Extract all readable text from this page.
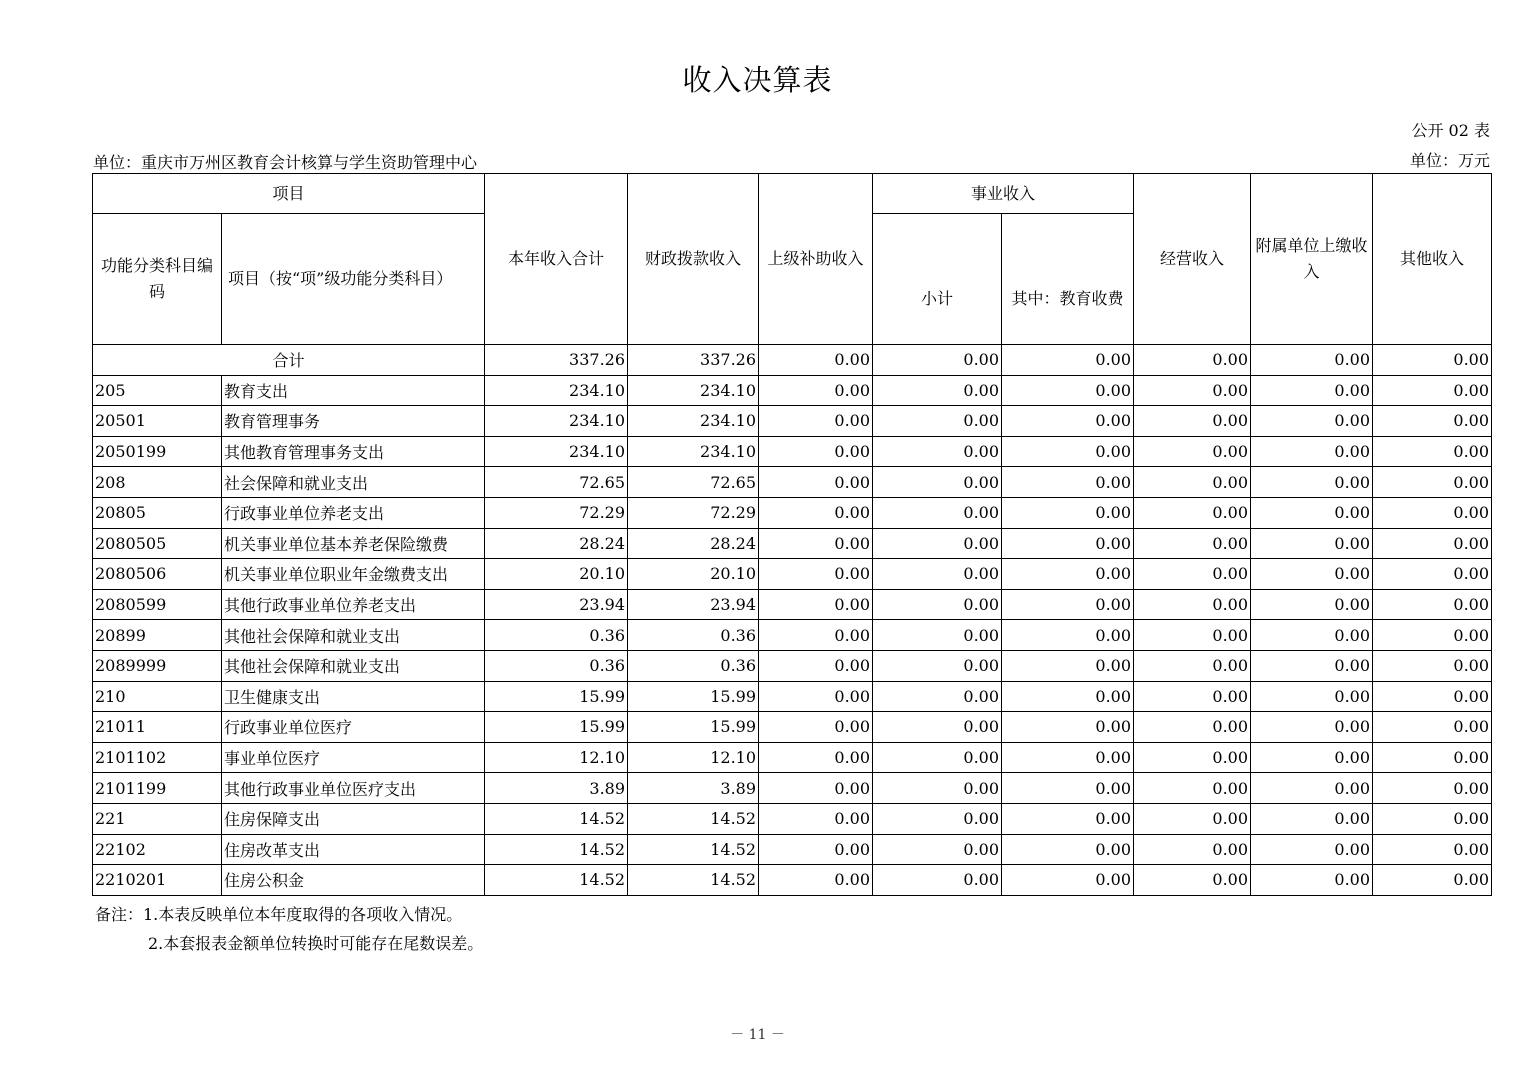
收入决算表
公开 02 表
单位：重庆市万州区教育会计核算与学生资助管理中心	单位：万元
项目		本年收入合计	财政拨款收入	上级补助收入	事业收入		经营收入	附属单位上缴收入	其他收入
功能分类科目编码	项目（按“项”级功能分类科目）				小计	其中：教育收费			
合计		337.26	337.26	0.00	0.00	0.00	0.00	0.00	0.00
205	教育支出	234.10	234.10	0.00	0.00	0.00	0.00	0.00	0.00
20501	教育管理事务	234.10	234.10	0.00	0.00	0.00	0.00	0.00	0.00
2050199	其他教育管理事务支出	234.10	234.10	0.00	0.00	0.00	0.00	0.00	0.00
208	社会保障和就业支出	72.65	72.65	0.00	0.00	0.00	0.00	0.00	0.00
20805	行政事业单位养老支出	72.29	72.29	0.00	0.00	0.00	0.00	0.00	0.00
2080505	机关事业单位基本养老保险缴费	28.24	28.24	0.00	0.00	0.00	0.00	0.00	0.00
2080506	机关事业单位职业年金缴费支出	20.10	20.10	0.00	0.00	0.00	0.00	0.00	0.00
2080599	其他行政事业单位养老支出	23.94	23.94	0.00	0.00	0.00	0.00	0.00	0.00
20899	其他社会保障和就业支出	0.36	0.36	0.00	0.00	0.00	0.00	0.00	0.00
2089999	其他社会保障和就业支出	0.36	0.36	0.00	0.00	0.00	0.00	0.00	0.00
210	卫生健康支出	15.99	15.99	0.00	0.00	0.00	0.00	0.00	0.00
21011	行政事业单位医疗	15.99	15.99	0.00	0.00	0.00	0.00	0.00	0.00
2101102	事业单位医疗	12.10	12.10	0.00	0.00	0.00	0.00	0.00	0.00
2101199	其他行政事业单位医疗支出	3.89	3.89	0.00	0.00	0.00	0.00	0.00	0.00
221	住房保障支出	14.52	14.52	0.00	0.00	0.00	0.00	0.00	0.00
22102	住房改革支出	14.52	14.52	0.00	0.00	0.00	0.00	0.00	0.00
2210201	住房公积金	14.52	14.52	0.00	0.00	0.00	0.00	0.00	0.00
备注：1.本表反映单位本年度取得的各项收入情况。
2.本套报表金额单位转换时可能存在尾数误差。
－ 11 －
